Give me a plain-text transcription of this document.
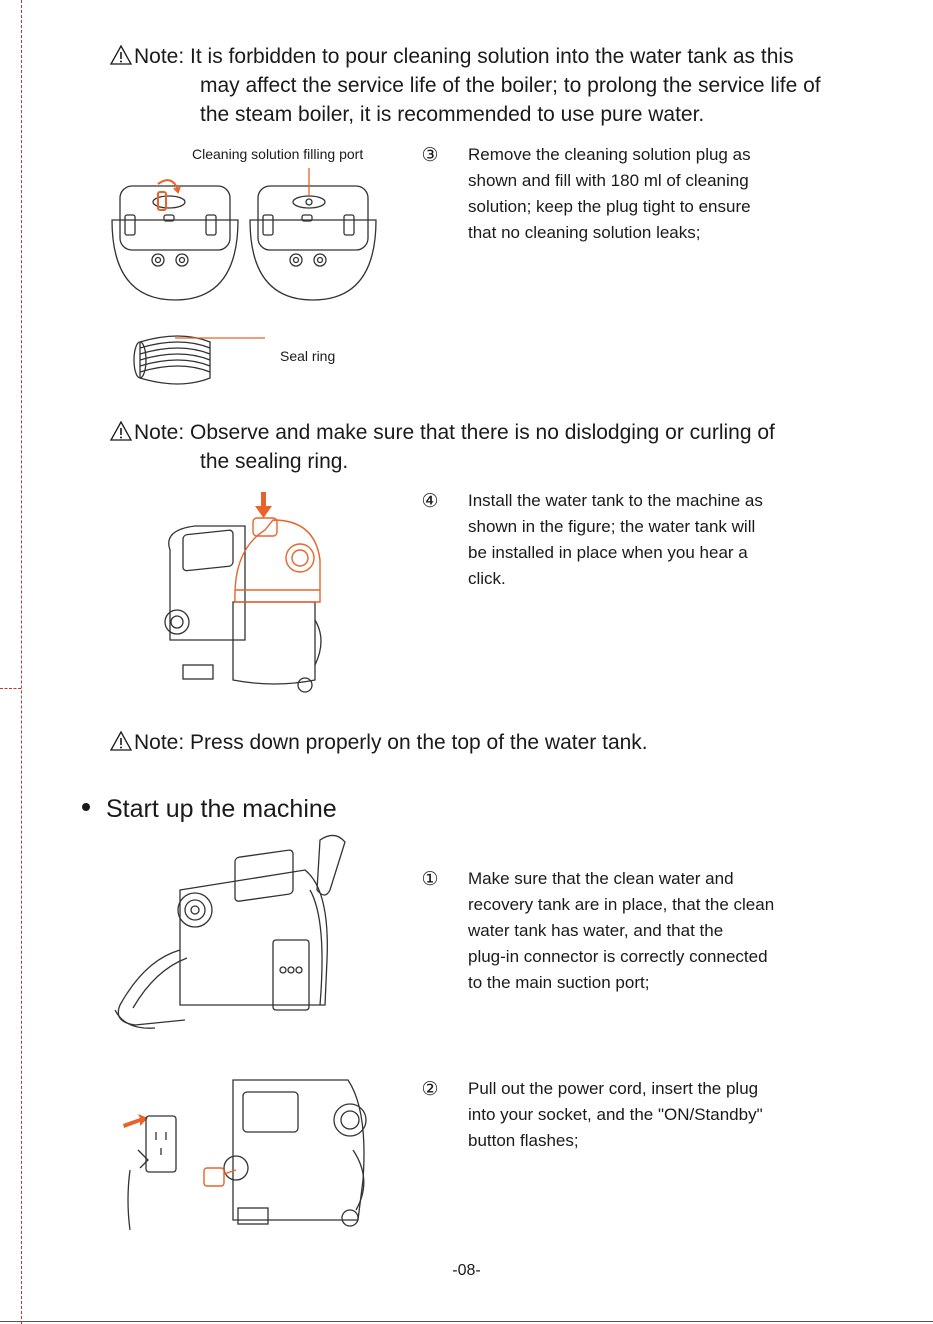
Note: It is forbidden to pour cleaning solution into the water tank as this
may affect the service life of the boiler; to prolong the service life of
the steam boiler, it is recommended to use pure water.
Cleaning solution filling port
Seal ring
③ Remove the cleaning solution plug as
shown and fill with 180 ml of cleaning
solution; keep the plug tight to ensure
that no cleaning solution leaks;
Note: Observe and make sure that there is no dislodging or curling of
the sealing ring.
④ Install the water tank to the machine as
shown in the figure; the water tank will
be installed in place when you hear a
click.
Note: Press down properly on the top of the water tank.
Start up the machine
① Make sure that the clean water and
recovery tank are in place, that the clean
water tank has water, and that the
plug-in connector is correctly connected
to the main suction port;
② Pull out the power cord, insert the plug
into your socket, and the "ON/Standby"
button flashes;
-08-
